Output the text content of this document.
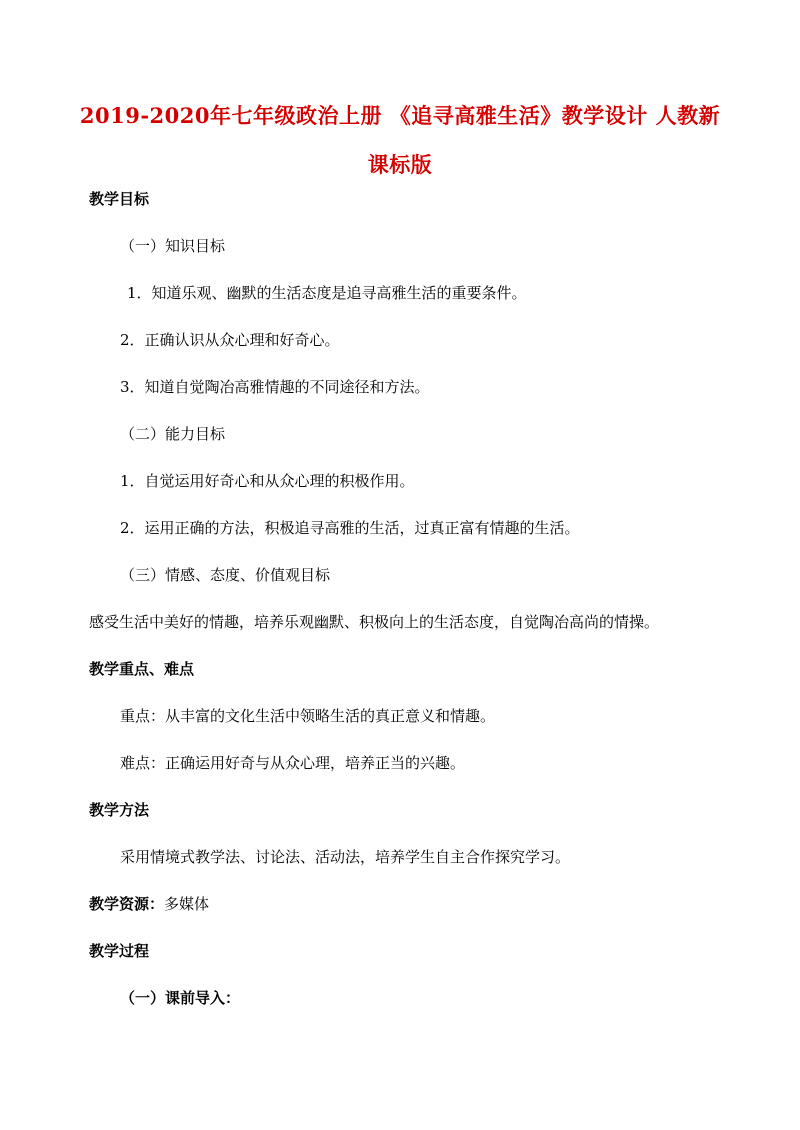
2019-2020年七年级政治上册 《追寻高雅生活》教学设计 人教新
课标版
教学目标
（一）知识目标
1．知道乐观、幽默的生活态度是追寻高雅生活的重要条件。
2．正确认识从众心理和好奇心。
3．知道自觉陶冶高雅情趣的不同途径和方法。
（二）能力目标
1．自觉运用好奇心和从众心理的积极作用。
2．运用正确的方法，积极追寻高雅的生活，过真正富有情趣的生活。
（三）情感、态度、价值观目标
感受生活中美好的情趣，培养乐观幽默、积极向上的生活态度，自觉陶冶高尚的情操。
教学重点、难点
重点：从丰富的文化生活中领略生活的真正意义和情趣。
难点：正确运用好奇与从众心理，培养正当的兴趣。
教学方法
采用情境式教学法、讨论法、活动法，培养学生自主合作探究学习。
教学资源：多媒体
教学过程
（一）课前导入：
